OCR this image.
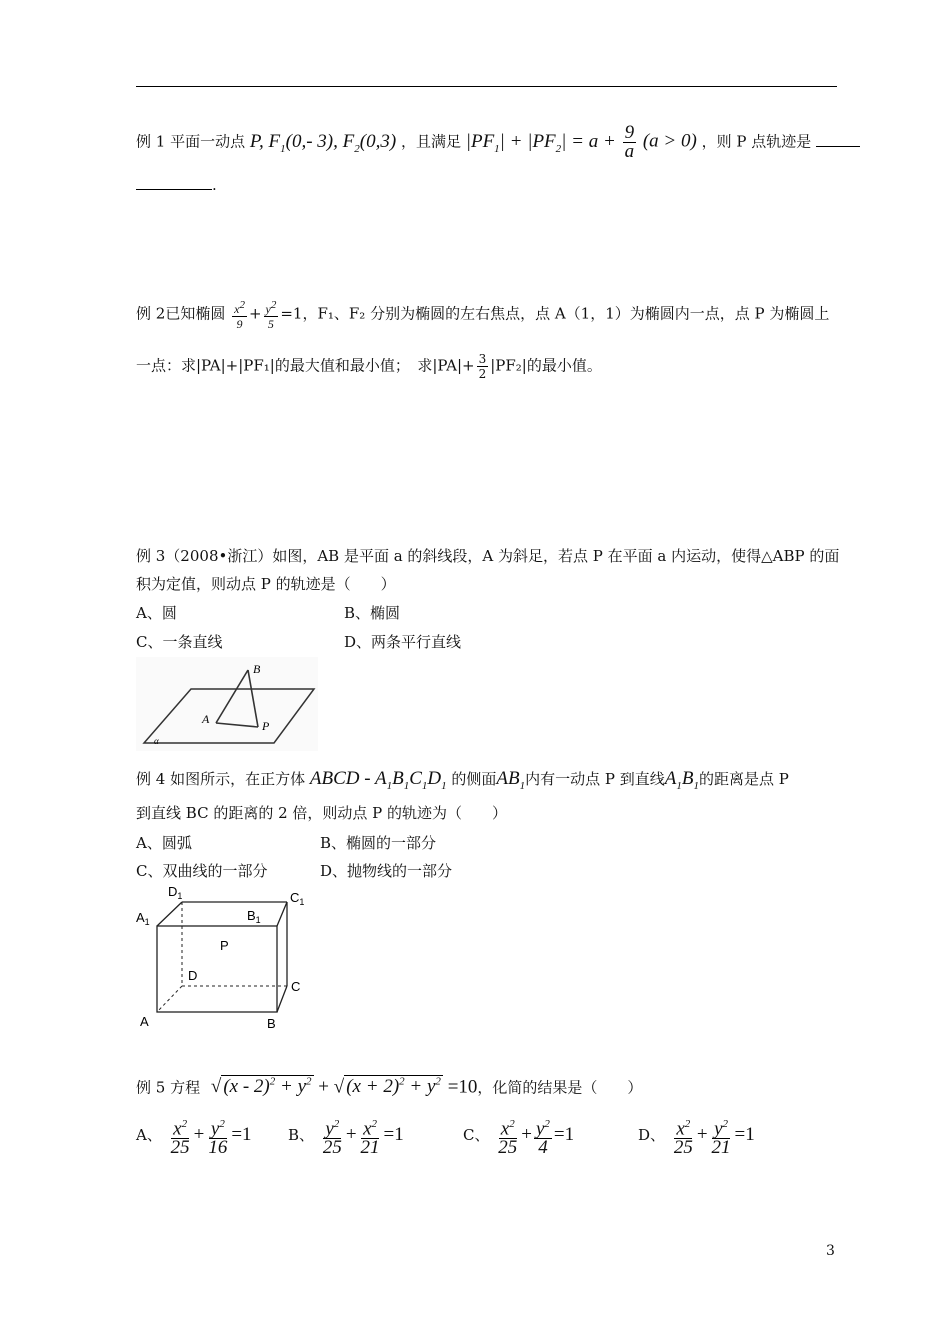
例 1 平面一动点 P, $F_1(0,-$ 3), $F_2(0,3)$ ，且满足 $|PF_1| + |PF_2| = a + \frac{9}{a} (a > 0)$ ，则 P 点轨迹是
.
例 2已知椭圆 $\frac{x^2}{9} + \frac{y^2}{5} =1$，F₁、F₂ 分别为椭圆的左右焦点，点 A（1，1）为椭圆内一点，点 P 为椭圆上
一点：求|PA|+|PF₁|的最大值和最小值；　求$|PA|+ \frac{3}{2} |PF_2|$的最小值。
例 3（2008•浙江）如图，AB 是平面 a 的斜线段，A 为斜足，若点 P 在平面 a 内运动，使得△ABP 的面
积为定值，则动点 P 的轨迹是（　　）
A、圆	B、椭圆
C、一条直线	D、两条平行直线
B
A	P
α
例 4 如图所示，在正方体 ABCD - $A_1B_1C_1D_1$ 的侧面$AB_1$内有一动点 P 到直线$A_1B_1$的距离是点 P
到直线 BC 的距离的 2 倍，则动点 P 的轨迹为（　　）
A、圆弧	B、椭圆的一部分
C、双曲线的一部分	D、抛物线的一部分
$D_1$	$C_1$
$A_1$	$B_1$
P
D
C
A	B
例 5 方程 √ $(x - 2)^2 + y^2$ + √ $(x + 2)^2 + y^2 =10$，化简的结果是（　　）
A、 $\frac{x^2}{25} + \frac{y^2}{16} =1$ B、 $\frac{y^2}{25} + \frac{x^2}{21} =1$	C、 $\frac{x^2}{25} + \frac{y^2}{4} =1$	D、 $\frac{x^2}{25} + \frac{y^2}{21} =1$
3
